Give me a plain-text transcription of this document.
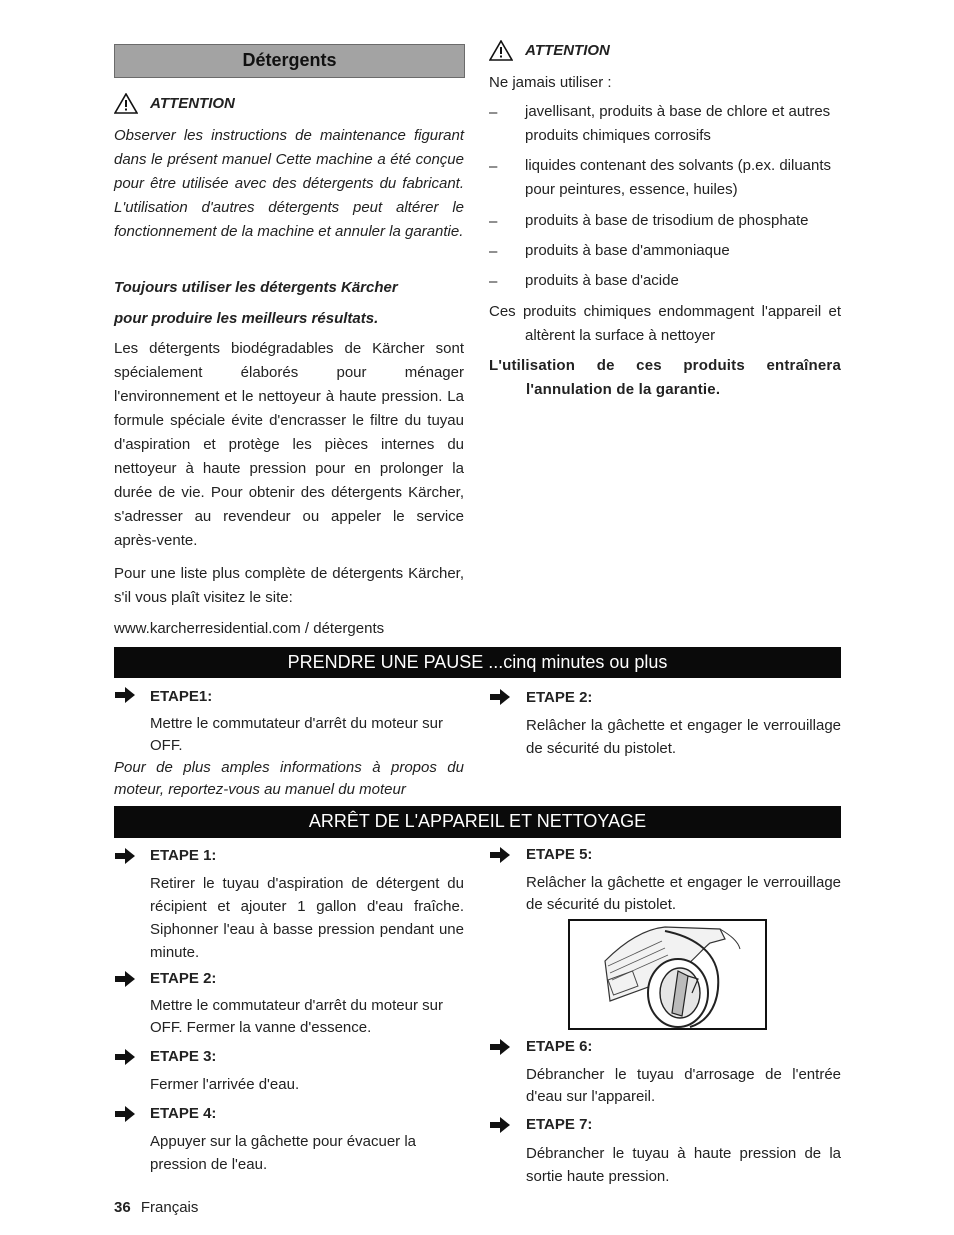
Détergents
ATTENTION
Observer les instructions de maintenance figurant dans le présent manuel Cette machine a été conçue pour être utilisée avec des détergents du fabricant. L'utilisation d'autres détergents peut altérer le fonctionnement de la machine et annuler la garantie.
Toujours utiliser les détergents Kärcher
pour produire les meilleurs résultats.
Les détergents biodégradables de Kärcher sont spécialement élaborés pour ménager l'environnement et le nettoyeur à haute pression. La formule spéciale évite d'encrasser le filtre du tuyau d'aspiration et protège les pièces internes du nettoyeur à haute pression pour en prolonger la durée de vie. Pour obtenir des détergents Kärcher, s'adresser au revendeur ou appeler le service après-vente.
Pour une liste plus complète de détergents Kärcher, s'il vous plaît visitez le site:
www.karcherresidential.com / détergents
ATTENTION
Ne jamais utiliser :
– javellisant, produits à base de chlore et autres produits chimiques corrosifs
– liquides contenant des solvants (p.ex. diluants pour peintures, essence, huiles)
– produits à base de trisodium de phosphate
– produits à base d'ammoniaque
– produits à base d'acide
Ces produits chimiques endommagent l'appareil et altèrent la surface à nettoyer
L'utilisation de ces produits entraînera l'annulation de la garantie.
PRENDRE UNE PAUSE ...cinq minutes ou plus
ETAPE1:
Mettre le commutateur d'arrêt du moteur sur OFF.
Pour de plus amples informations à propos du moteur, reportez-vous au manuel du moteur
ETAPE 2:
Relâcher la gâchette et engager le verrouillage de sécurité du pistolet.
ARRÊT DE L'APPAREIL ET NETTOYAGE
ETAPE 1:
Retirer le tuyau d'aspiration de détergent du récipient et ajouter 1 gallon d'eau fraîche. Siphonner l'eau à basse pression pendant une minute.
ETAPE 2:
Mettre le commutateur d'arrêt du moteur sur OFF. Fermer la vanne d'essence.
ETAPE 3:
Fermer l'arrivée d'eau.
ETAPE 4:
Appuyer sur la gâchette pour évacuer la pression de l'eau.
ETAPE 5:
Relâcher la gâchette et engager le verrouillage de sécurité du pistolet.
ETAPE 6:
Débrancher le tuyau d'arrosage de l'entrée d'eau sur l'appareil.
ETAPE 7:
Débrancher le tuyau à haute pression de la sortie haute pression.
36 Français
